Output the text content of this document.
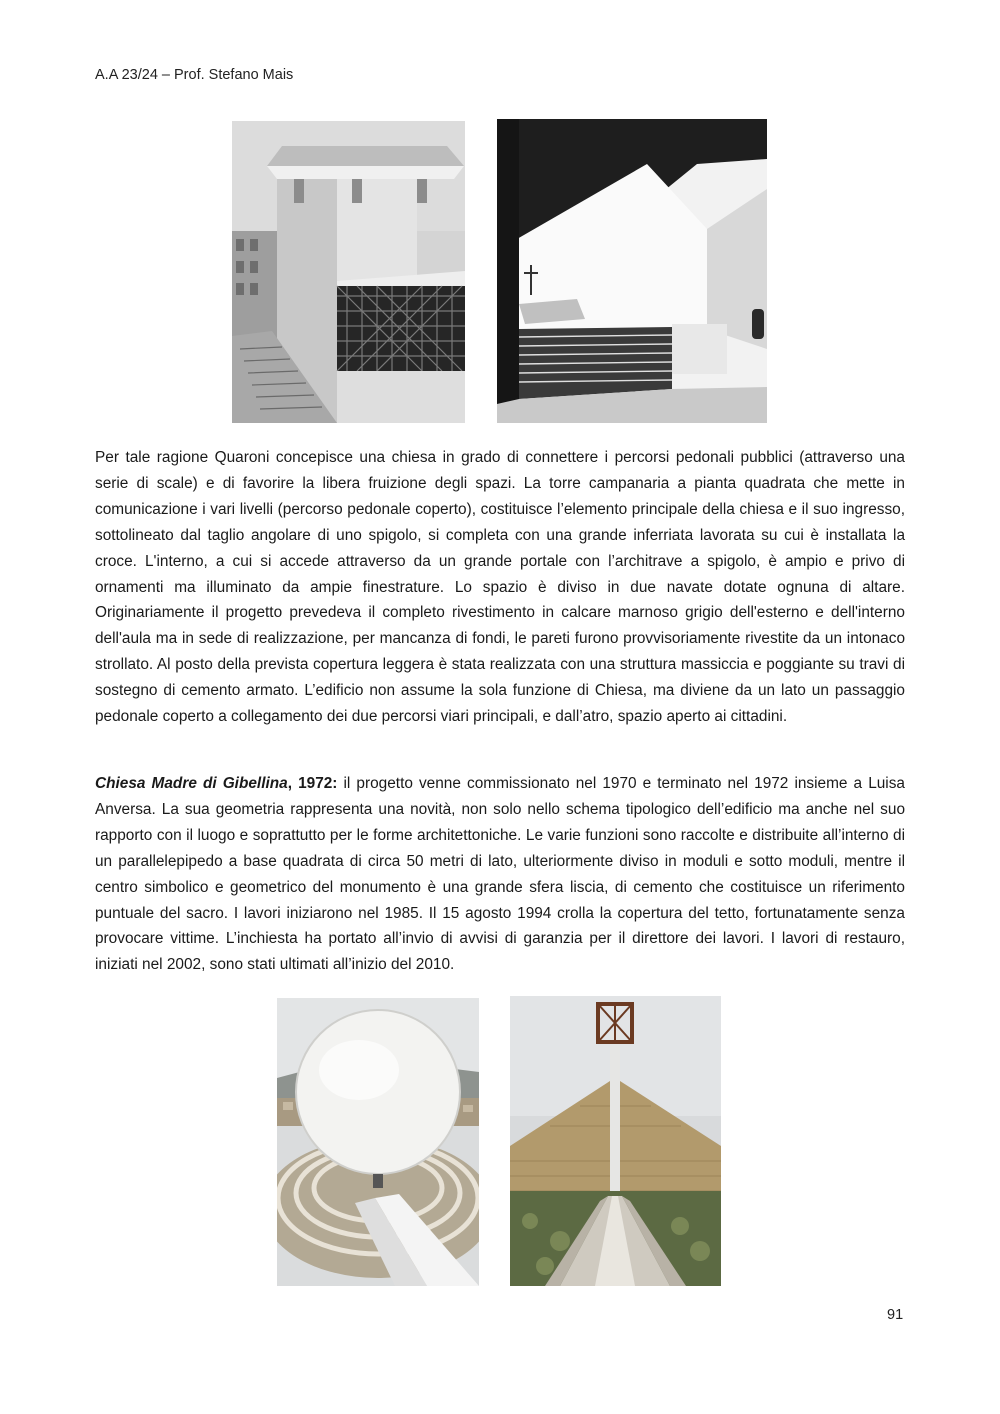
A.A 23/24 – Prof. Stefano Mais

Per tale ragione Quaroni concepisce una chiesa in grado di connettere i percorsi pedonali pubblici (attraverso una serie di scale) e di favorire la libera fruizione degli spazi. La torre campanaria a pianta quadrata che mette in comunicazione i vari livelli (percorso pedonale coperto), costituisce l’elemento principale della chiesa e il suo ingresso, sottolineato dal taglio angolare di uno spigolo, si completa con una grande inferriata lavorata su cui è installata la croce. L'interno, a cui si accede attraverso da un grande portale con l’architrave a spigolo, è ampio e privo di ornamenti ma illuminato da ampie finestrature. Lo spazio è diviso in due navate dotate ognuna di altare. Originariamente il progetto prevedeva il completo rivestimento in calcare marnoso grigio dell'esterno e dell'interno dell'aula ma in sede di realizzazione, per mancanza di fondi, le pareti furono provvisoriamente rivestite da un intonaco strollato. Al posto della prevista copertura leggera è stata realizzata con una struttura massiccia e poggiante su travi di sostegno di cemento armato. L’edificio non assume la sola funzione di Chiesa, ma diviene da un lato un passaggio pedonale coperto a collegamento dei due percorsi viari principali, e dall’atro, spazio aperto ai cittadini.

Chiesa Madre di Gibellina, 1972: il progetto venne commissionato nel 1970 e terminato nel 1972 insieme a Luisa Anversa. La sua geometria rappresenta una novità, non solo nello schema tipologico dell’edificio ma anche nel suo rapporto con il luogo e soprattutto per le forme architettoniche. Le varie funzioni sono raccolte e distribuite all’interno di un parallelepipedo a base quadrata di circa 50 metri di lato, ulteriormente diviso in moduli e sotto moduli, mentre il centro simbolico e geometrico del monumento è una grande sfera liscia, di cemento che costituisce un riferimento puntuale del sacro. I lavori iniziarono nel 1985. Il 15 agosto 1994 crolla la copertura del tetto, fortunatamente senza provocare vittime. L’inchiesta ha portato all’invio di avvisi di garanzia per il direttore dei lavori. I lavori di restauro, iniziati nel 2002, sono stati ultimati all’inizio del 2010.

91
